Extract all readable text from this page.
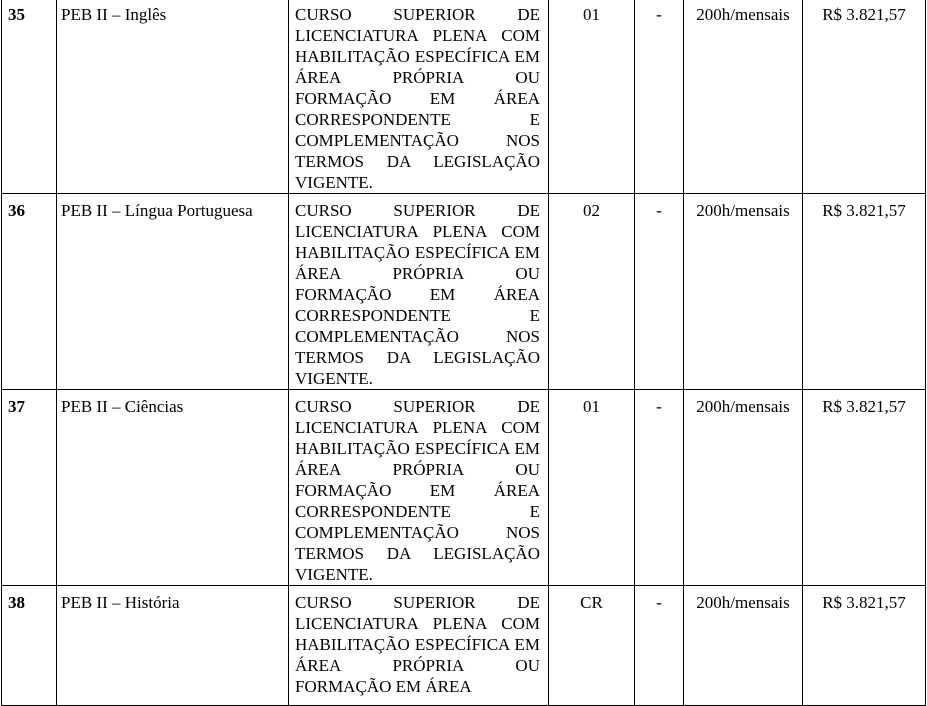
35	PEB II – Inglês	CURSO SUPERIOR DE LICENCIATURA PLENA COM HABILITAÇÃO ESPECÍFICA EM ÁREA PRÓPRIA OU FORMAÇÃO EM ÁREA CORRESPONDENTE E COMPLEMENTAÇÃO NOS TERMOS DA LEGISLAÇÃO VIGENTE.	01	-	200h/mensais	R$ 3.821,57
36	PEB II – Língua Portuguesa	CURSO SUPERIOR DE LICENCIATURA PLENA COM HABILITAÇÃO ESPECÍFICA EM ÁREA PRÓPRIA OU FORMAÇÃO EM ÁREA CORRESPONDENTE E COMPLEMENTAÇÃO NOS TERMOS DA LEGISLAÇÃO VIGENTE.	02	-	200h/mensais	R$ 3.821,57
37	PEB II – Ciências	CURSO SUPERIOR DE LICENCIATURA PLENA COM HABILITAÇÃO ESPECÍFICA EM ÁREA PRÓPRIA OU FORMAÇÃO EM ÁREA CORRESPONDENTE E COMPLEMENTAÇÃO NOS TERMOS DA LEGISLAÇÃO VIGENTE.	01	-	200h/mensais	R$ 3.821,57
38	PEB II – História	CURSO SUPERIOR DE LICENCIATURA PLENA COM HABILITAÇÃO ESPECÍFICA EM ÁREA PRÓPRIA OU FORMAÇÃO EM ÁREA	CR	-	200h/mensais	R$ 3.821,57
